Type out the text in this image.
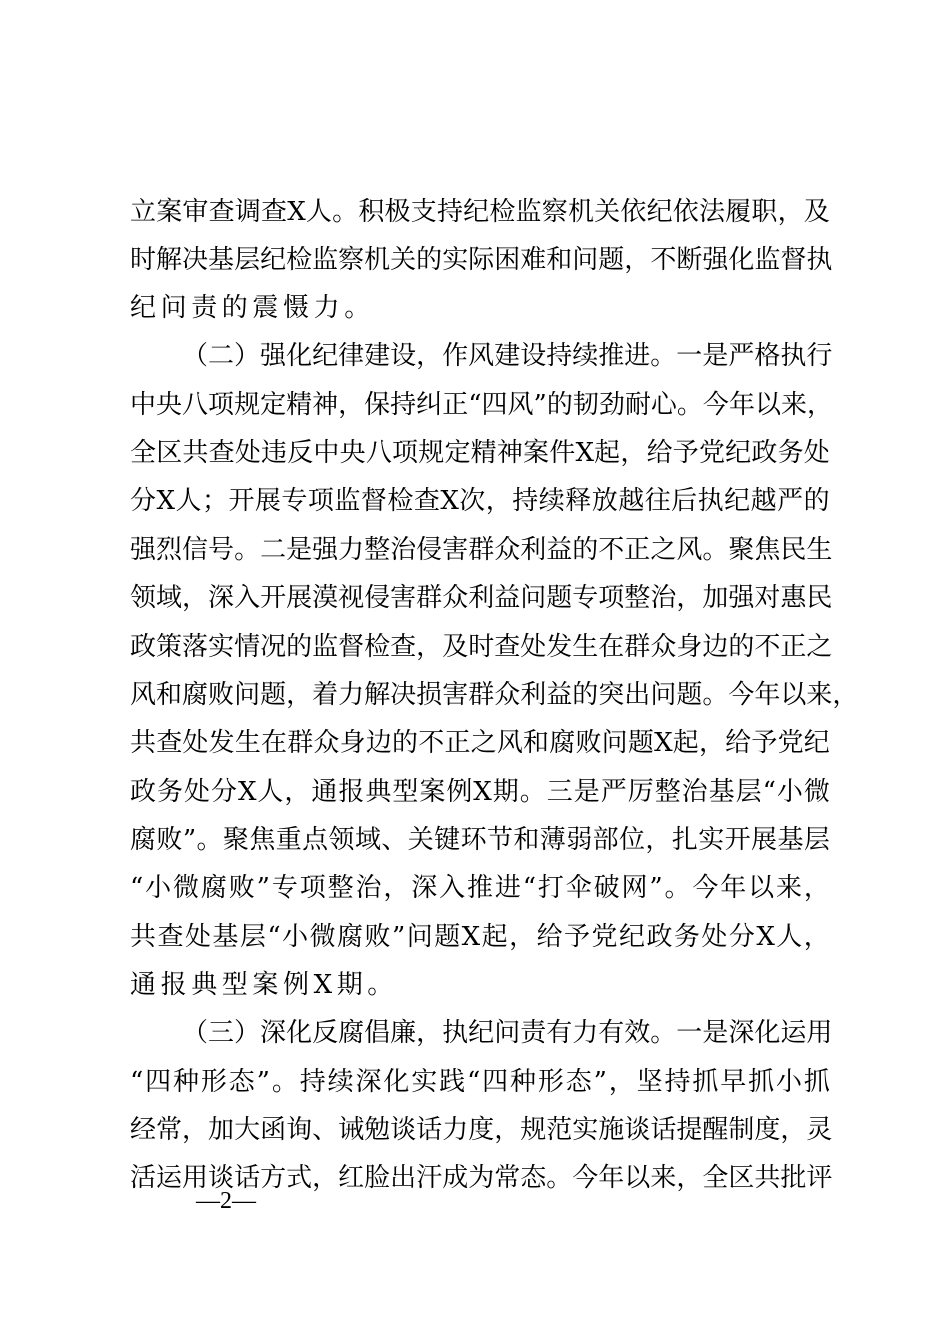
立 案 审 查 调 查 X 人 。 积 极 支 持 纪 检 监 察 机 关 依 纪 依 法 履 职 ， 及
时 解 决 基 层 纪 检 监 察 机 关 的 实 际 困 难 和 问 题 ， 不 断 强 化 监 督 执
纪问责的震慑力。
（ 二 ） 强 化 纪 律 建 设 ， 作 风 建 设 持 续 推 进 。 一 是 严 格 执 行
中 央 八 项 规 定 精 神 ， 保 持 纠 正 “ 四 风 ” 的 韧 劲 耐 心 。 今 年 以 来 ，
全 区 共 查 处 违 反 中 央 八 项 规 定 精 神 案 件 X 起 ， 给 予 党 纪 政 务 处
分 X 人 ； 开 展 专 项 监 督 检 查 X 次 ， 持 续 释 放 越 往 后 执 纪 越 严 的
强 烈 信 号 。 二 是 强 力 整 治 侵 害 群 众 利 益 的 不 正 之 风 。 聚 焦 民 生
领 域 ， 深 入 开 展 漠 视 侵 害 群 众 利 益 问 题 专 项 整 治 ， 加 强 对 惠 民
政 策 落 实 情 况 的 监 督 检 查 ， 及 时 查 处 发 生 在 群 众 身 边 的 不 正 之
风 和 腐 败 问 题 ， 着 力 解 决 损 害 群 众 利 益 的 突 出 问 题 。 今 年 以 来 ，
共 查 处 发 生 在 群 众 身 边 的 不 正 之 风 和 腐 败 问 题 X 起 ， 给 予 党 纪
政 务 处 分 X 人 ， 通 报 典 型 案 例 X 期 。 三 是 严 厉 整 治 基 层 “ 小 微
腐 败 ” 。 聚 焦 重 点 领 域 、 关 键 环 节 和 薄 弱 部 位 ， 扎 实 开 展 基 层
“ 小 微 腐 败 ” 专 项 整 治 ， 深 入 推 进 “ 打 伞 破 网 ” 。 今 年 以 来 ，
共 查 处 基 层 “ 小 微 腐 败 ” 问 题 X 起 ， 给 予 党 纪 政 务 处 分 X 人 ，
通报典型案例X期。
（ 三 ） 深 化 反 腐 倡 廉 ， 执 纪 问 责 有 力 有 效 。 一 是 深 化 运 用
“ 四 种 形 态 ” 。 持 续 深 化 实 践 “ 四 种 形 态 ” ， 坚 持 抓 早 抓 小 抓
经 常 ， 加 大 函 询 、 诫 勉 谈 话 力 度 ， 规 范 实 施 谈 话 提 醒 制 度 ， 灵
活 运 用 谈 话 方 式 ， 红 脸 出 汗 成 为 常 态 。 今 年 以 来 ， 全 区 共 批 评
—2—
